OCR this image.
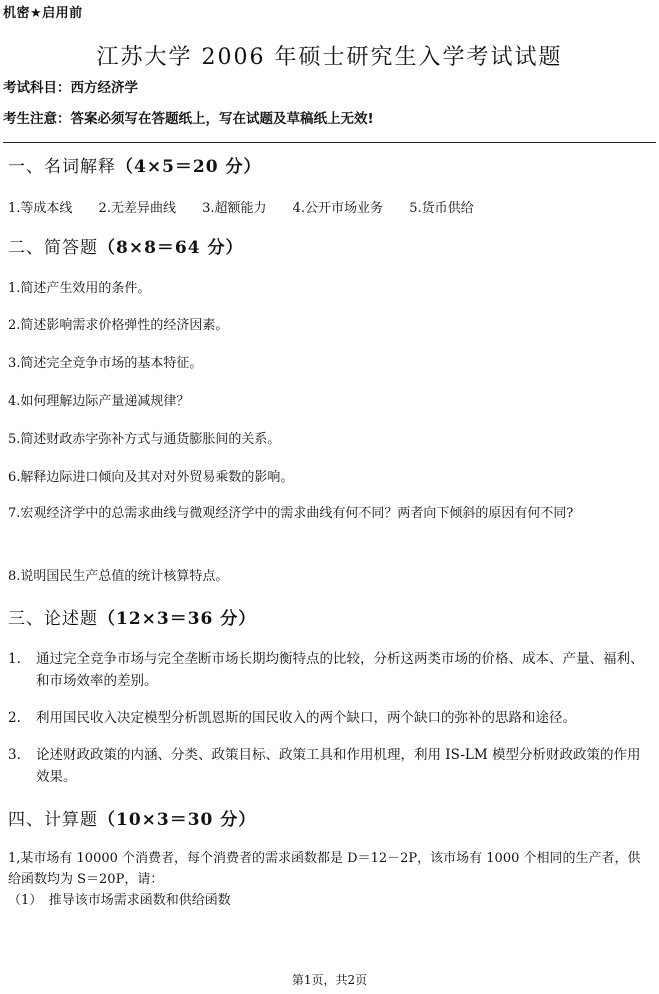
机密★启用前
江苏大学 2006 年硕士研究生入学考试试题
考试科目：西方经济学
考生注意：答案必须写在答题纸上，写在试题及草稿纸上无效!
一、名词解释（4×5＝20 分）
1.等成本线 2.无差异曲线 3.超额能力 4.公开市场业务 5.货币供给
二、简答题（8×8＝64 分）
1.简述产生效用的条件。
2.简述影响需求价格弹性的经济因素。
3.简述完全竞争市场的基本特征。
4.如何理解边际产量递减规律？
5.简述财政赤字弥补方式与通货膨胀间的关系。
6.解释边际进口倾向及其对对外贸易乘数的影响。
7.宏观经济学中的总需求曲线与微观经济学中的需求曲线有何不同？两者向下倾斜的原因有何不同?
8.说明国民生产总值的统计核算特点。
三、论述题（12×3＝36 分）
1. 通过完全竞争市场与完全垄断市场长期均衡特点的比较，分析这两类市场的价格、成本、产量、福利、和市场效率的差别。
2. 利用国民收入决定模型分析凯恩斯的国民收入的两个缺口，两个缺口的弥补的思路和途径。
3. 论述财政政策的内涵、分类、政策目标、政策工具和作用机理，利用 IS-LM 模型分析财政政策的作用效果。
四、计算题（10×3＝30 分）
1,某市场有 10000 个消费者，每个消费者的需求函数都是 D＝12－2P，该市场有 1000 个相同的生产者，供给函数均为 S＝20P，请：
（1）　推导该市场需求函数和供给函数
第1页，共2页
